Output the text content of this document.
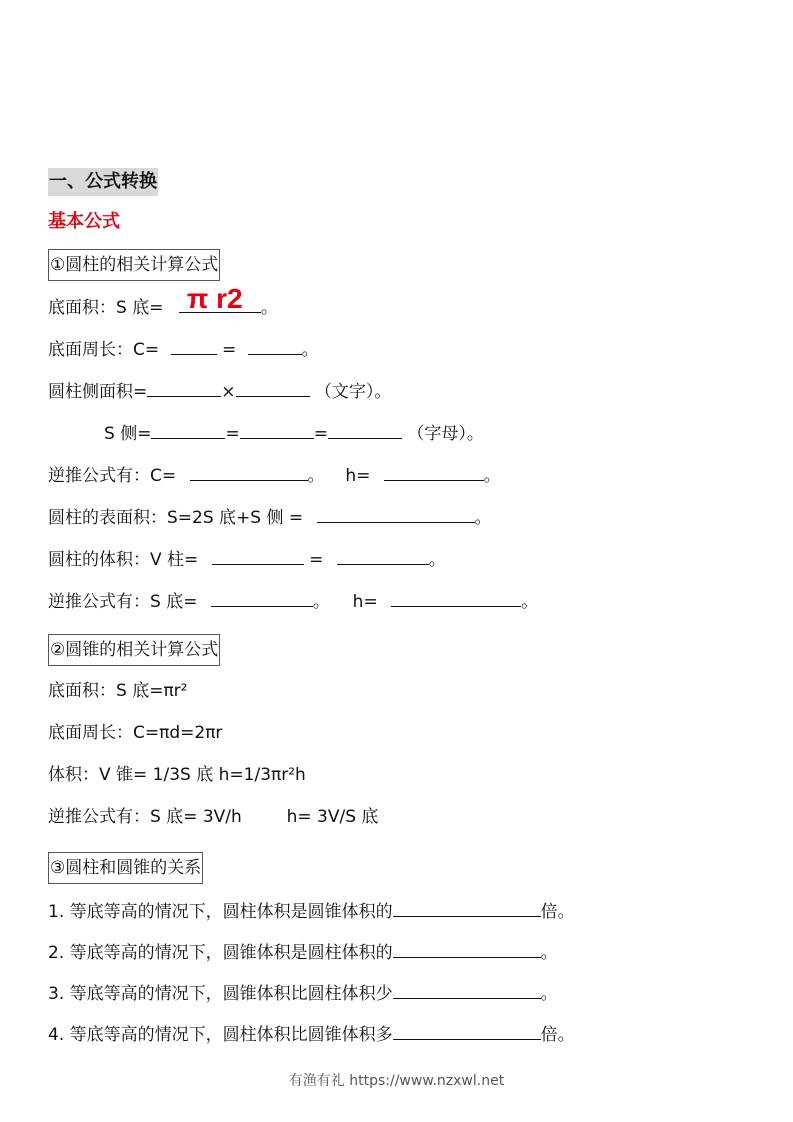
一、公式转换
基本公式
①圆柱的相关计算公式
底面积：S 底= π r2 。
底面周长：C=	=	。
圆柱侧面积=	×	（文字）。
S 侧=	=	=	（字母）。
逆推公式有：C=	。 h=	。
圆柱的表面积：S=2S 底+S 侧 =	。
圆柱的体积：V 柱=	=	。
逆推公式有：S 底=	。 h=	。
②圆锥的相关计算公式
底面积：S 底=πr²
底面周长：C=πd=2πr
体积：V 锥= 1/3S 底 h=1/3πr²h
逆推公式有：S 底= 3V/h	h= 3V/S 底
③圆柱和圆锥的关系
1. 等底等高的情况下，圆柱体积是圆锥体积的	倍。
2. 等底等高的情况下，圆锥体积是圆柱体积的	。
3. 等底等高的情况下，圆锥体积比圆柱体积少	。
4. 等底等高的情况下，圆柱体积比圆锥体积多	倍。
有渔有礼 https://www.nzxwl.net
